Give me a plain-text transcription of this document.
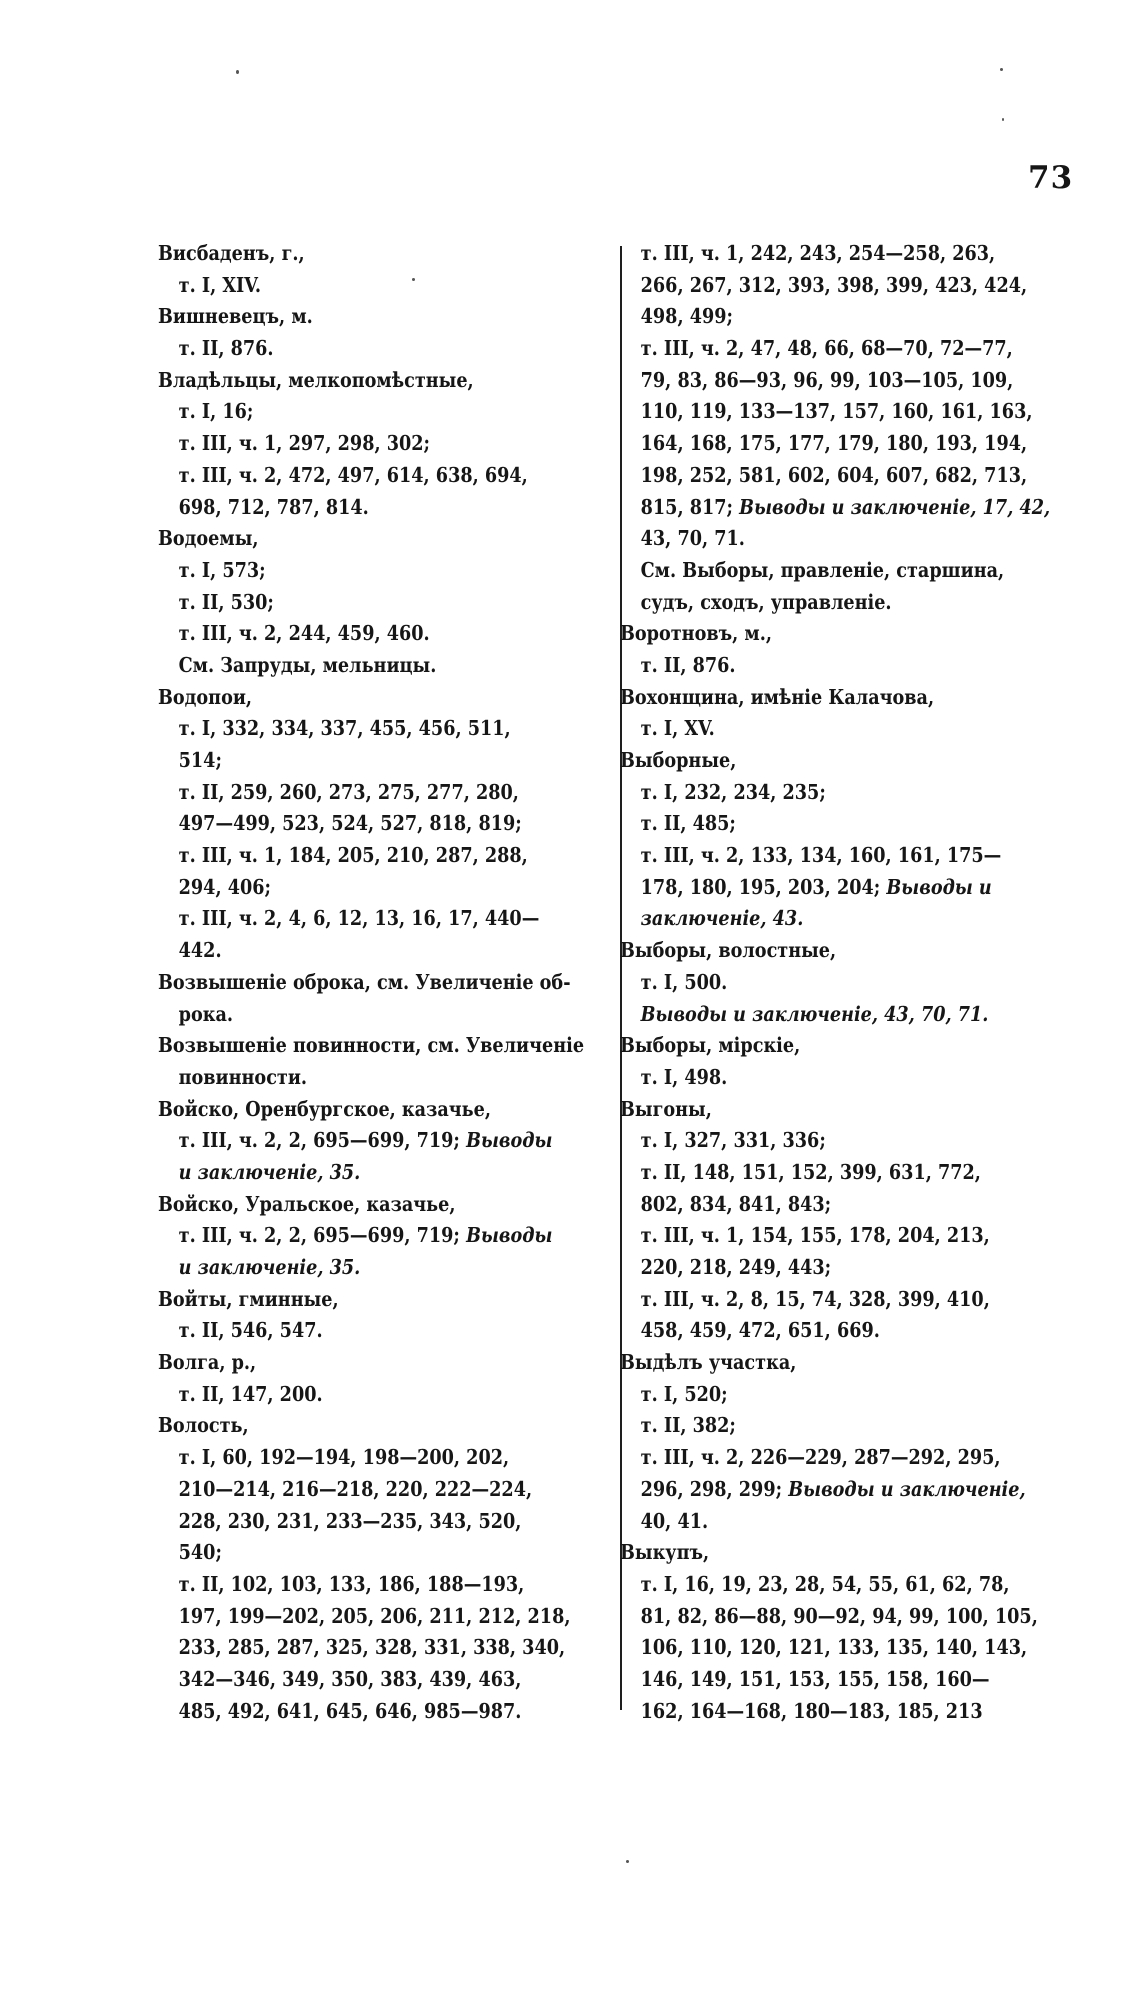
73
Висбаденъ, г.,
т. I, XIV.
Вишневецъ, м.
т. II, 876.
Владѣльцы, мелкопомѣстные,
т. I, 16;
т. III, ч. 1, 297, 298, 302;
т. III, ч. 2, 472, 497, 614, 638, 694,
698, 712, 787, 814.
Водоемы,
т. I, 573;
т. II, 530;
т. III, ч. 2, 244, 459, 460.
См. Запруды, мельницы.
Водопои,
т. I, 332, 334, 337, 455, 456, 511,
514;
т. II, 259, 260, 273, 275, 277, 280,
497—499, 523, 524, 527, 818, 819;
т. III, ч. 1, 184, 205, 210, 287, 288,
294, 406;
т. III, ч. 2, 4, 6, 12, 13, 16, 17, 440—
442.
Возвышеніе оброка, см. Увеличеніе об-
рока.
Возвышеніе повинности, см. Увеличеніе
повинности.
Войско, Оренбургское, казачье,
т. III, ч. 2, 2, 695—699, 719; Выводы
и заключеніе, 35.
Войско, Уральское, казачье,
т. III, ч. 2, 2, 695—699, 719; Выводы
и заключеніе, 35.
Войты, гминные,
т. II, 546, 547.
Волга, р.,
т. II, 147, 200.
Волость,
т. I, 60, 192—194, 198—200, 202,
210—214, 216—218, 220, 222—224,
228, 230, 231, 233—235, 343, 520,
540;
т. II, 102, 103, 133, 186, 188—193,
197, 199—202, 205, 206, 211, 212, 218,
233, 285, 287, 325, 328, 331, 338, 340,
342—346, 349, 350, 383, 439, 463,
485, 492, 641, 645, 646, 985—987.
т. III, ч. 1, 242, 243, 254—258, 263,
266, 267, 312, 393, 398, 399, 423, 424,
498, 499;
т. III, ч. 2, 47, 48, 66, 68—70, 72—77,
79, 83, 86—93, 96, 99, 103—105, 109,
110, 119, 133—137, 157, 160, 161, 163,
164, 168, 175, 177, 179, 180, 193, 194,
198, 252, 581, 602, 604, 607, 682, 713,
815, 817; Выводы и заключеніе, 17, 42,
43, 70, 71.
См. Выборы, правленіе, старшина,
судъ, сходъ, управленіе.
Воротновъ, м.,
т. II, 876.
Вохонщина, имѣніе Калачова,
т. I, XV.
Выборные,
т. I, 232, 234, 235;
т. II, 485;
т. III, ч. 2, 133, 134, 160, 161, 175—
178, 180, 195, 203, 204; Выводы и
заключеніе, 43.
Выборы, волостные,
т. I, 500.
Выводы и заключеніе, 43, 70, 71.
Выборы, мірскіе,
т. I, 498.
Выгоны,
т. I, 327, 331, 336;
т. II, 148, 151, 152, 399, 631, 772,
802, 834, 841, 843;
т. III, ч. 1, 154, 155, 178, 204, 213,
220, 218, 249, 443;
т. III, ч. 2, 8, 15, 74, 328, 399, 410,
458, 459, 472, 651, 669.
Выдѣлъ участка,
т. I, 520;
т. II, 382;
т. III, ч. 2, 226—229, 287—292, 295,
296, 298, 299; Выводы и заключеніе,
40, 41.
Выкупъ,
т. I, 16, 19, 23, 28, 54, 55, 61, 62, 78,
81, 82, 86—88, 90—92, 94, 99, 100, 105,
106, 110, 120, 121, 133, 135, 140, 143,
146, 149, 151, 153, 155, 158, 160—
162, 164—168, 180—183, 185, 213
